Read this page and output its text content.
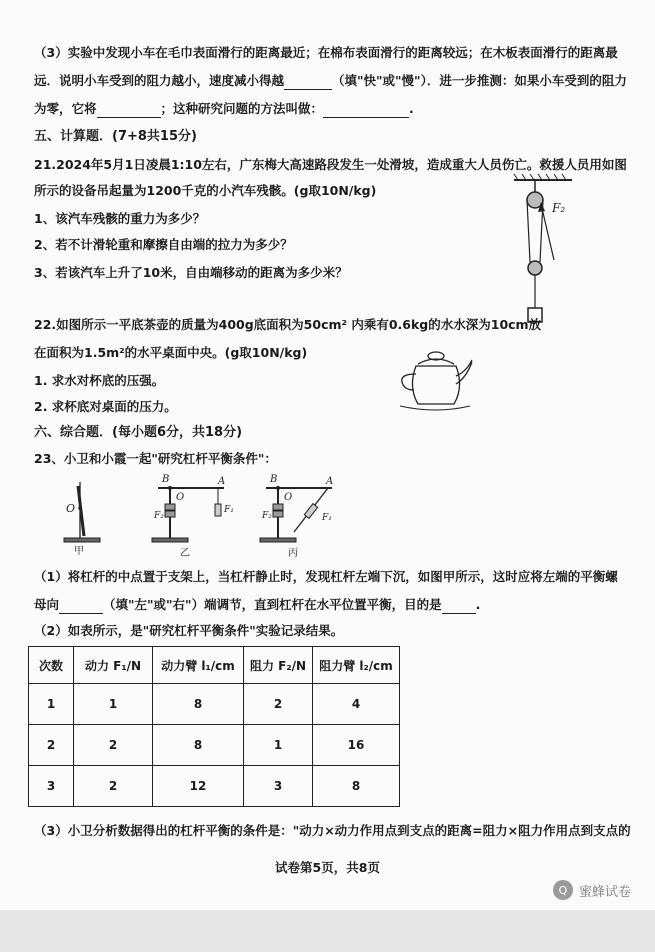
（3）实验中发现小车在毛巾表面滑行的距离最近；在棉布表面滑行的距离较远；在木板表面滑行的距离最
远．说明小车受到的阻力越小，速度减小得越	（填"快"或"慢"）．进一步推测：如果小车受到的阻力
为零，它将	；这种研究问题的方法叫做：	.
五、计算题．(7+8共15分)
21.2024年5月1日凌晨1:10左右，广东梅大高速路段发生一处滑坡，造成重大人员伤亡。救援人员用如图
所示的设备吊起量为1200千克的小汽车残骸。(g取10N/kg)
1、该汽车残骸的重力为多少？
2、若不计滑轮重和摩擦自由端的拉力为多少？
3、若该汽车上升了10米，自由端移动的距离为多少米？
F₂
22.如图所示一平底茶壶的质量为400g底面积为50cm² 内乘有0.6kg的水水深为10cm放
在面积为1.5m²的水平桌面中央。(g取10N/kg)
1. 求水对杯底的压强。
2. 求杯底对桌面的压力。
六、综合题．(每小题6分，共18分)
23、小卫和小霞一起"研究杠杆平衡条件"：
O
甲
B
O
A
F₂
F₁
乙
B
O
A
F₂	F₁
丙
（1）将杠杆的中点置于支架上，当杠杆静止时，发现杠杆左端下沉，如图甲所示，这时应将左端的平衡螺
母向	（填"左"或"右"）端调节，直到杠杆在水平位置平衡，目的是	.
（2）如表所示，是"研究杠杆平衡条件"实验记录结果。
次数	动力 F₁/N	动力臂 l₁/cm	阻力 F₂/N	阻力臂 l₂/cm
1	1	8	2	4
2	2	8	1	16
3	2	12	3	8
（3）小卫分析数据得出的杠杆平衡的条件是："动力×动力作用点到支点的距离=阻力×阻力作用点到支点的
试卷第5页，共8页
Q 蜜蜂试卷
